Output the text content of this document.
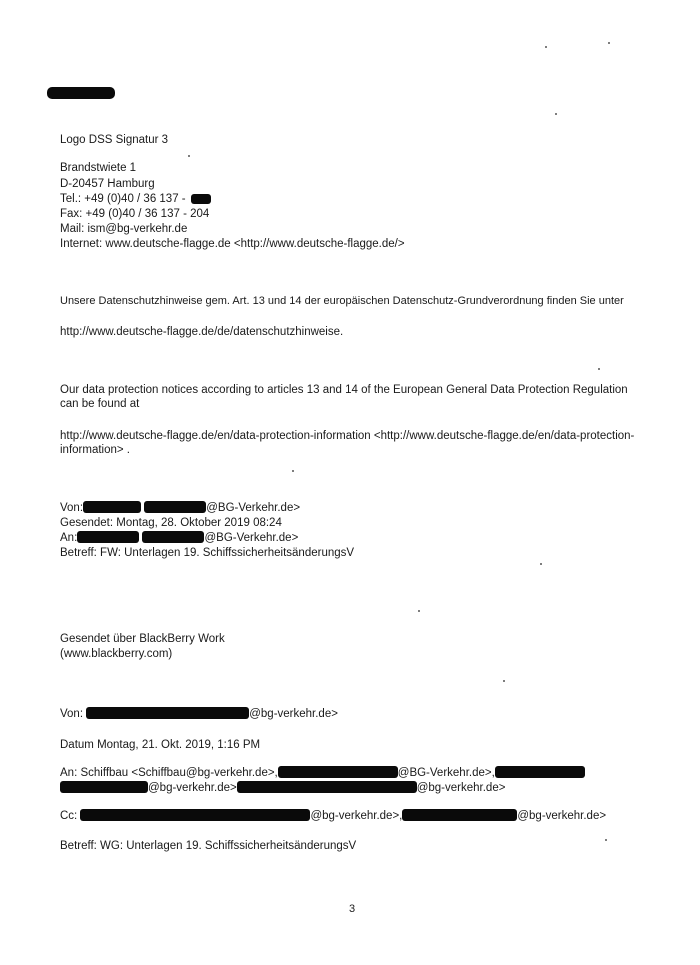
Logo DSS Signatur 3
Brandstwiete 1
D-20457 Hamburg
Tel.: +49 (0)40 / 36 137 -
Fax: +49 (0)40 / 36 137 - 204
Mail: ism@bg-verkehr.de
Internet: www.deutsche-flagge.de <http://www.deutsche-flagge.de/>
Unsere Datenschutzhinweise gem. Art. 13 und 14 der europäischen Datenschutz-Grundverordnung finden Sie unter
http://www.deutsche-flagge.de/de/datenschutzhinweise.
Our data protection notices according to articles 13 and 14 of the European General Data Protection Regulation can be found at
http://www.deutsche-flagge.de/en/data-protection-information <http://www.deutsche-flagge.de/en/data-protection-information> .
Von:	@BG-Verkehr.de>
Gesendet: Montag, 28. Oktober 2019 08:24
An:	@BG-Verkehr.de>
Betreff: FW: Unterlagen 19. SchiffssicherheitsänderungsV
Gesendet über BlackBerry Work
(www.blackberry.com)
Von:	@bg-verkehr.de>
Datum Montag, 21. Okt. 2019, 1:16 PM
An: Schiffbau <Schiffbau@bg-verkehr.de>,	@BG-Verkehr.de>,
@bg-verkehr.de>	@bg-verkehr.de>
Cc:	@bg-verkehr.de>,	@bg-verkehr.de>
Betreff: WG: Unterlagen 19. SchiffssicherheitsänderungsV
3
